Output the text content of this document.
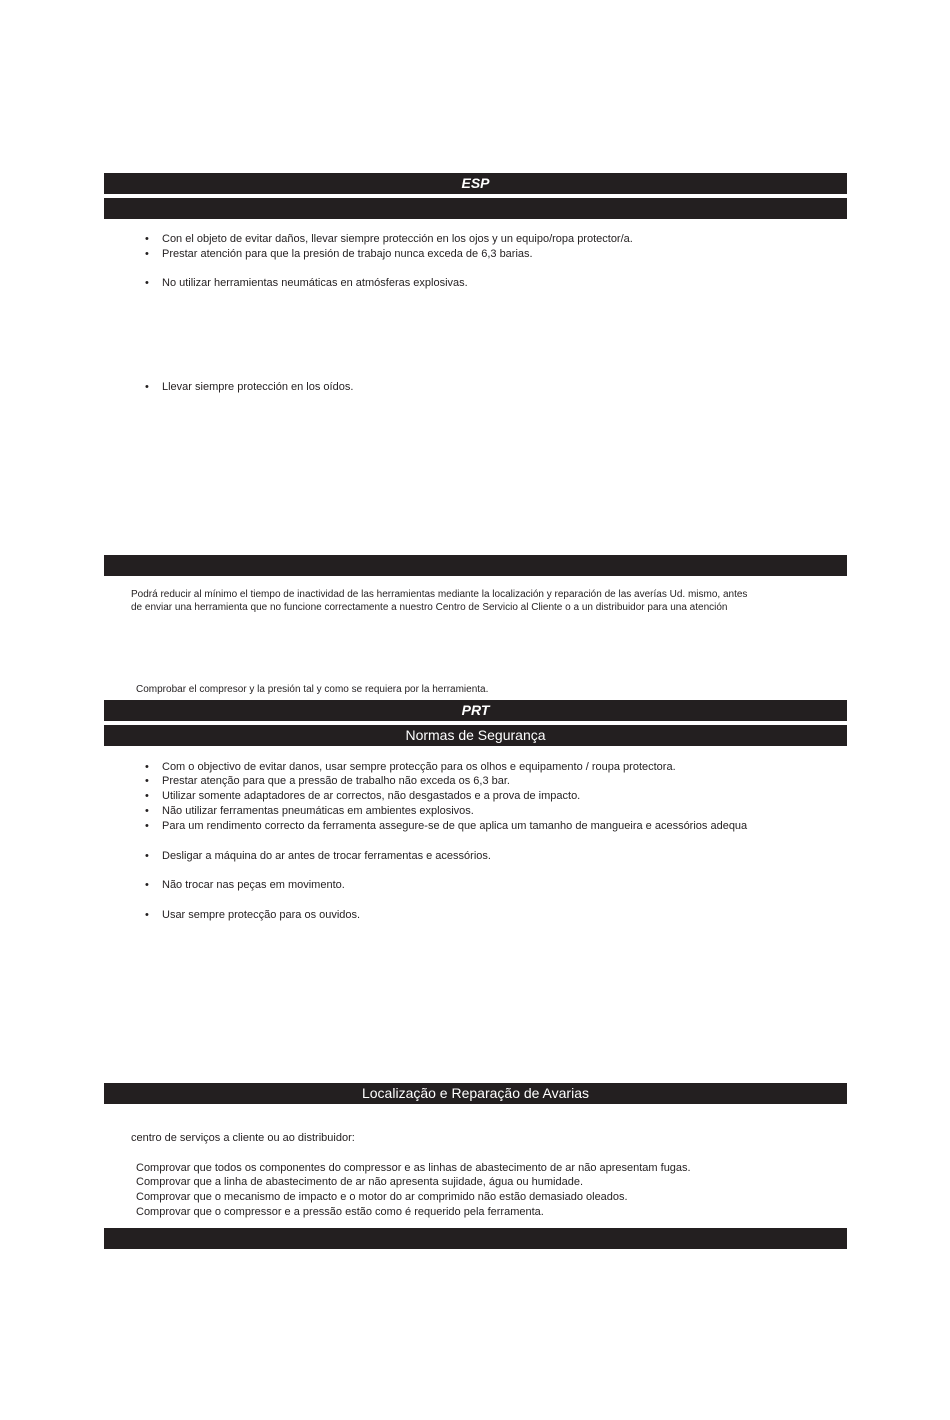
ESP
• Con el objeto de evitar daños, llevar siempre protección en los ojos y un equipo/ropa protector/a.
• Prestar atención para que la presión de trabajo nunca exceda de 6,3 barias.
• No utilizar herramientas neumáticas en atmósferas explosivas.
• Llevar siempre protección en los oídos.
Podrá reducir al mínimo el tiempo de inactividad de las herramientas mediante la localización y reparación de las averías Ud. mismo, antes
de enviar una herramienta que no funcione correctamente a nuestro Centro de Servicio al Cliente o a un distribuidor para una atención
Comprobar el compresor y la presión tal y como se requiera por la herramienta.
PRT
Normas de Segurança
• Com o objectivo de evitar danos, usar sempre protecção para os olhos e equipamento / roupa protectora.
• Prestar atenção para que a pressão de trabalho não exceda os 6,3 bar.
• Utilizar somente adaptadores de ar correctos, não desgastados e a prova de impacto.
• Não utilizar ferramentas pneumáticas em ambientes explosivos.
• Para um rendimento correcto da ferramenta assegure-se de que aplica um tamanho de mangueira e acessórios adequa
• Desligar a máquina do ar antes de trocar ferramentas e acessórios.
• Não trocar nas peças em movimento.
• Usar sempre protecção para os ouvidos.
Localização e Reparação de Avarias
centro de serviços a cliente ou ao distribuidor:
Comprovar que todos os componentes do compressor e as linhas de abastecimento de ar não apresentam fugas.
Comprovar que a linha de abastecimento de ar não apresenta sujidade, água ou humidade.
Comprovar que o mecanismo de impacto e o motor do ar comprimido não estão demasiado oleados.
Comprovar que o compressor e a pressão estão como é requerido pela ferramenta.
